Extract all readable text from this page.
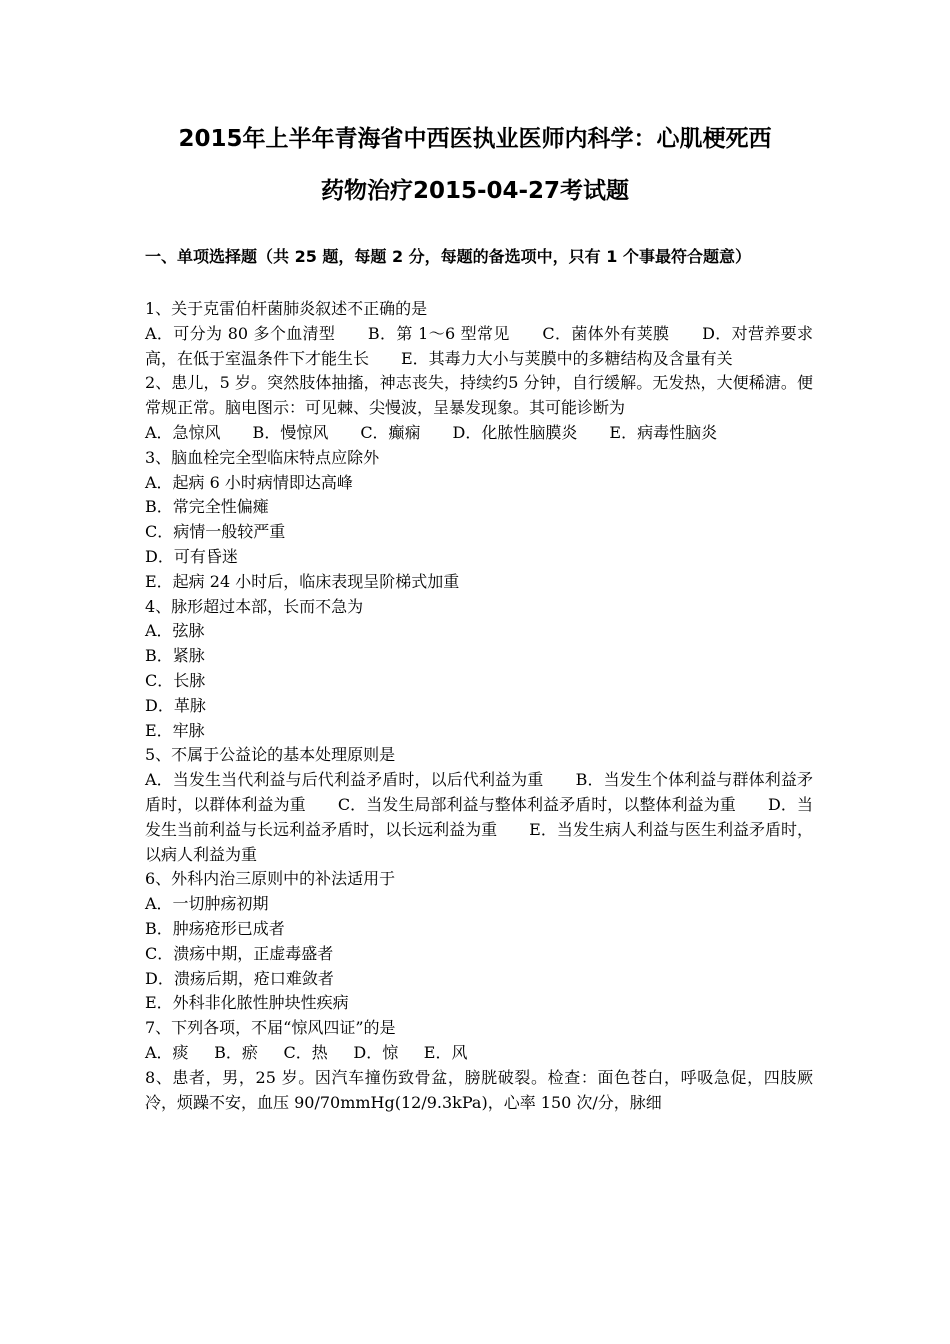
2015年上半年青海省中西医执业医师内科学：心肌梗死西
药物治疗2015-04-27考试题
一、单项选择题（共 25 题，每题 2 分，每题的备选项中，只有 1 个事最符合题意）

1、关于克雷伯杆菌肺炎叙述不正确的是

A．可分为 80 多个血清型　　B．第 1～6 型常见　　C．菌体外有荚膜　　D．对营养要求高，在低于室温条件下才能生长　　E．其毒力大小与荚膜中的多糖结构及含量有关

2、患儿，5 岁。突然肢体抽搐，神志丧失，持续约5 分钟，自行缓解。无发热，大便稀溏。便常规正常。脑电图示：可见棘、尖慢波，呈暴发现象。其可能诊断为

A．急惊风　　B．慢惊风　　C．癫痫　　D．化脓性脑膜炎　　E．病毒性脑炎

3、脑血栓完全型临床特点应除外

A．起病 6 小时病情即达高峰

B．常完全性偏瘫

C．病情一般较严重

D．可有昏迷

E．起病 24 小时后，临床表现呈阶梯式加重

4、脉形超过本部，长而不急为

A．弦脉

B．紧脉

C．长脉

D．革脉

E．牢脉

5、不属于公益论的基本处理原则是

A．当发生当代利益与后代利益矛盾时，以后代利益为重　　B．当发生个体利益与群体利益矛盾时，以群体利益为重　　C．当发生局部利益与整体利益矛盾时，以整体利益为重　　D．当发生当前利益与长远利益矛盾时，以长远利益为重　　E．当发生病人利益与医生利益矛盾时，以病人利益为重

6、外科内治三原则中的补法适用于

A．一切肿疡初期

B．肿疡疮形已成者

C．溃疡中期，正虚毒盛者

D．溃疡后期，疮口难敛者

E．外科非化脓性肿块性疾病

7、下列各项，不届“惊风四证”的是

A．痰 B．瘀 C．热 D．惊 E．风

8、患者，男，25 岁。因汽车撞伤致骨盆，膀胱破裂。检查：面色苍白，呼吸急促，四肢厥冷，烦躁不安，血压 90/70mmHg(12/9.3kPa)，心率 150 次/分，脉细
